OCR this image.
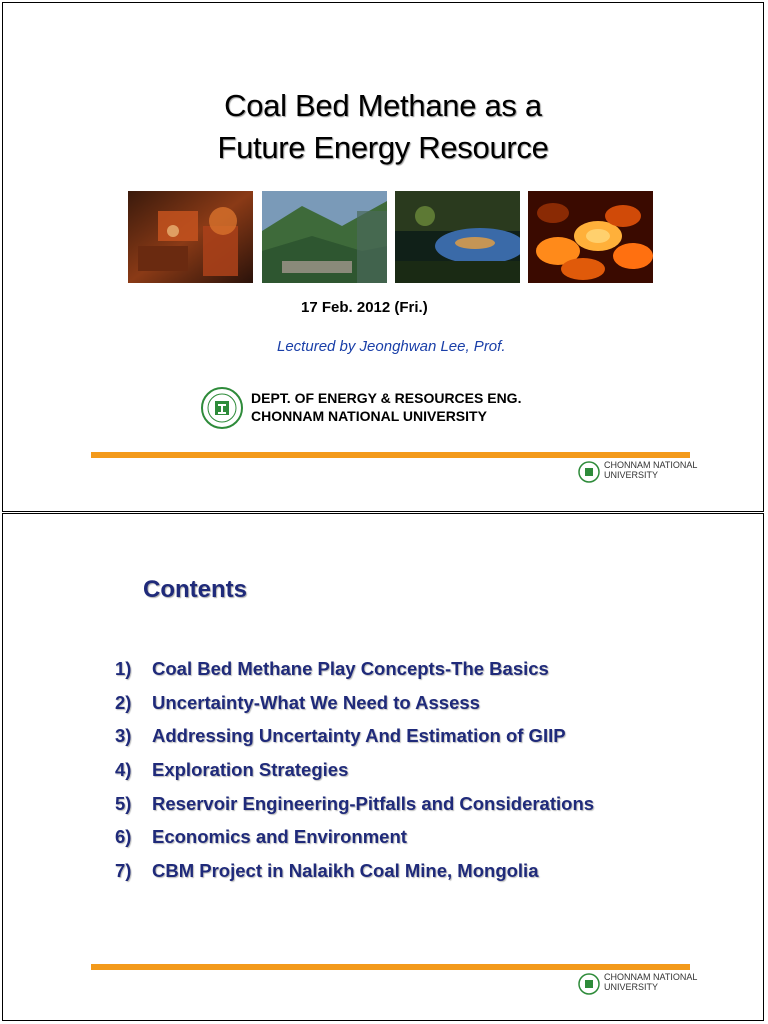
Coal Bed Methane as a
Future Energy Resource
17 Feb. 2012 (Fri.)
Lectured by Jeonghwan Lee, Prof.
DEPT. OF ENERGY & RESOURCES ENG.
CHONNAM NATIONAL UNIVERSITY
CHONNAM NATIONAL
UNIVERSITY
Contents
1) Coal Bed Methane Play Concepts-The Basics
2) Uncertainty-What We Need to Assess
3) Addressing Uncertainty And Estimation of GIIP
4) Exploration Strategies
5) Reservoir Engineering-Pitfalls and Considerations
6) Economics and Environment
7) CBM Project in Nalaikh Coal Mine, Mongolia
CHONNAM NATIONAL
UNIVERSITY
